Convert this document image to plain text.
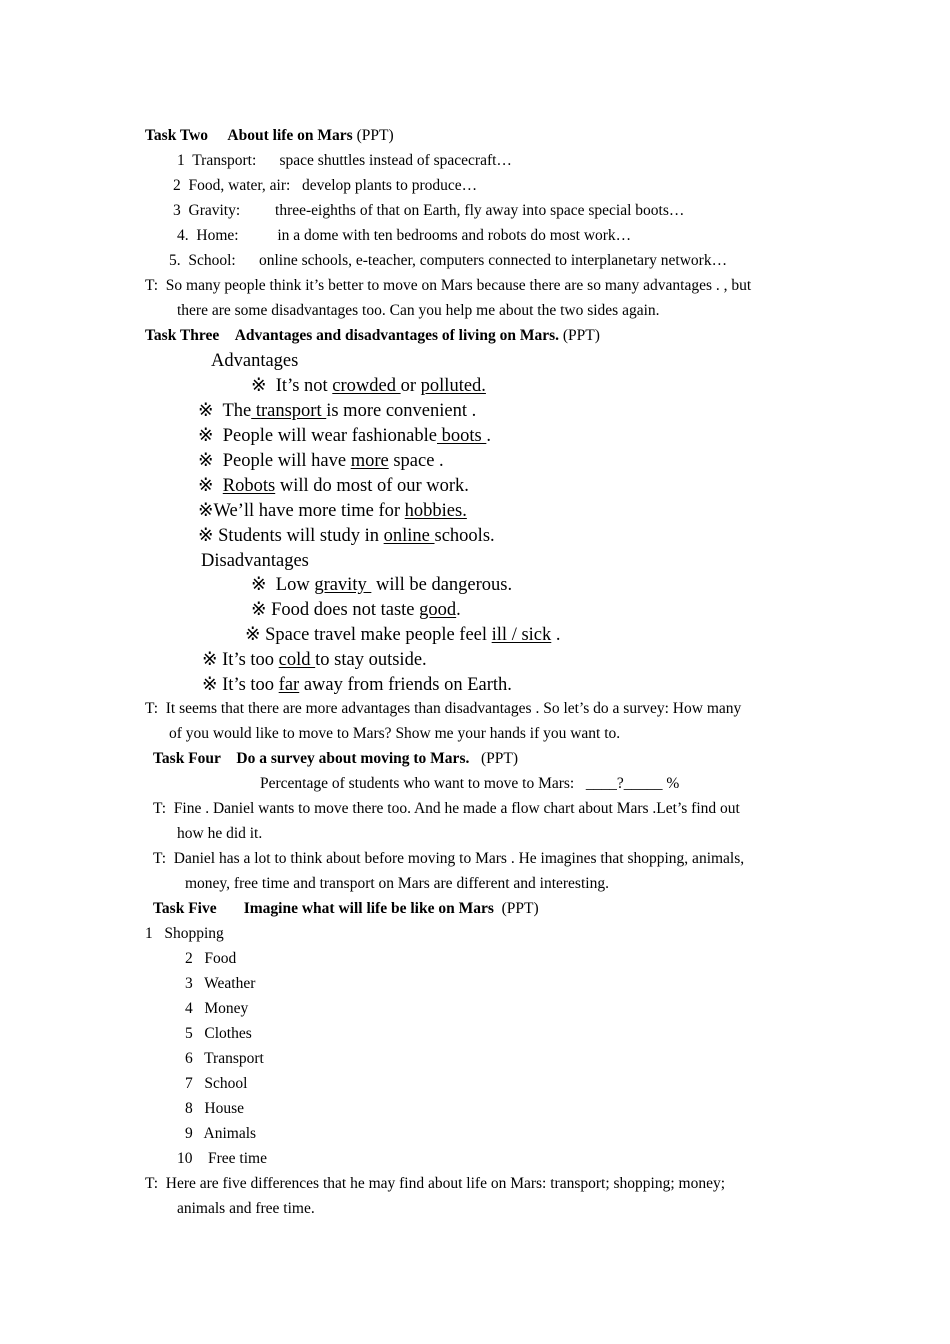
Task Two About life on Mars (PPT)
1 Transport: space shuttles instead of spacecraft…
2 Food, water, air: develop plants to produce…
3 Gravity: three-eighths of that on Earth, fly away into space special boots…
4. Home:	in a dome with ten bedrooms and robots do most work…
5. School: online schools, e-teacher, computers connected to interplanetary network…
T: So many people think it’s better to move on Mars because there are so many advantages . , but
there are some disadvantages too. Can you help me about the two sides again.
Task Three Advantages and disadvantages of living on Mars. (PPT)
Advantages
※ It’s not crowded or polluted.
※ The transport is more convenient .
※ People will wear fashionable boots .
※ People will have more space .
※ Robots will do most of our work.
※We’ll have more time for hobbies.
※ Students will study in online schools.
Disadvantages
※ Low gravity  will be dangerous.
※ Food does not taste good.
※ Space travel make people feel ill / sick .
※ It’s too cold to stay outside.
※ It’s too far away from friends on Earth.
T: It seems that there are more advantages than disadvantages . So let’s do a survey: How many
of you would like to move to Mars? Show me your hands if you want to.
Task Four Do a survey about moving to Mars. (PPT)
Percentage of students who want to move to Mars: ____?_____ %
T: Fine . Daniel wants to move there too. And he made a flow chart about Mars .Let’s find out
how he did it.
T: Daniel has a lot to think about before moving to Mars . He imagines that shopping, animals,
money, free time and transport on Mars are different and interesting.
Task Five Imagine what will life be like on Mars (PPT)
1 Shopping
2 Food
3 Weather
4 Money
5 Clothes
6 Transport
7 School
8 House
9 Animals
10 Free time
T: Here are five differences that he may find about life on Mars: transport; shopping; money;
animals and free time.
